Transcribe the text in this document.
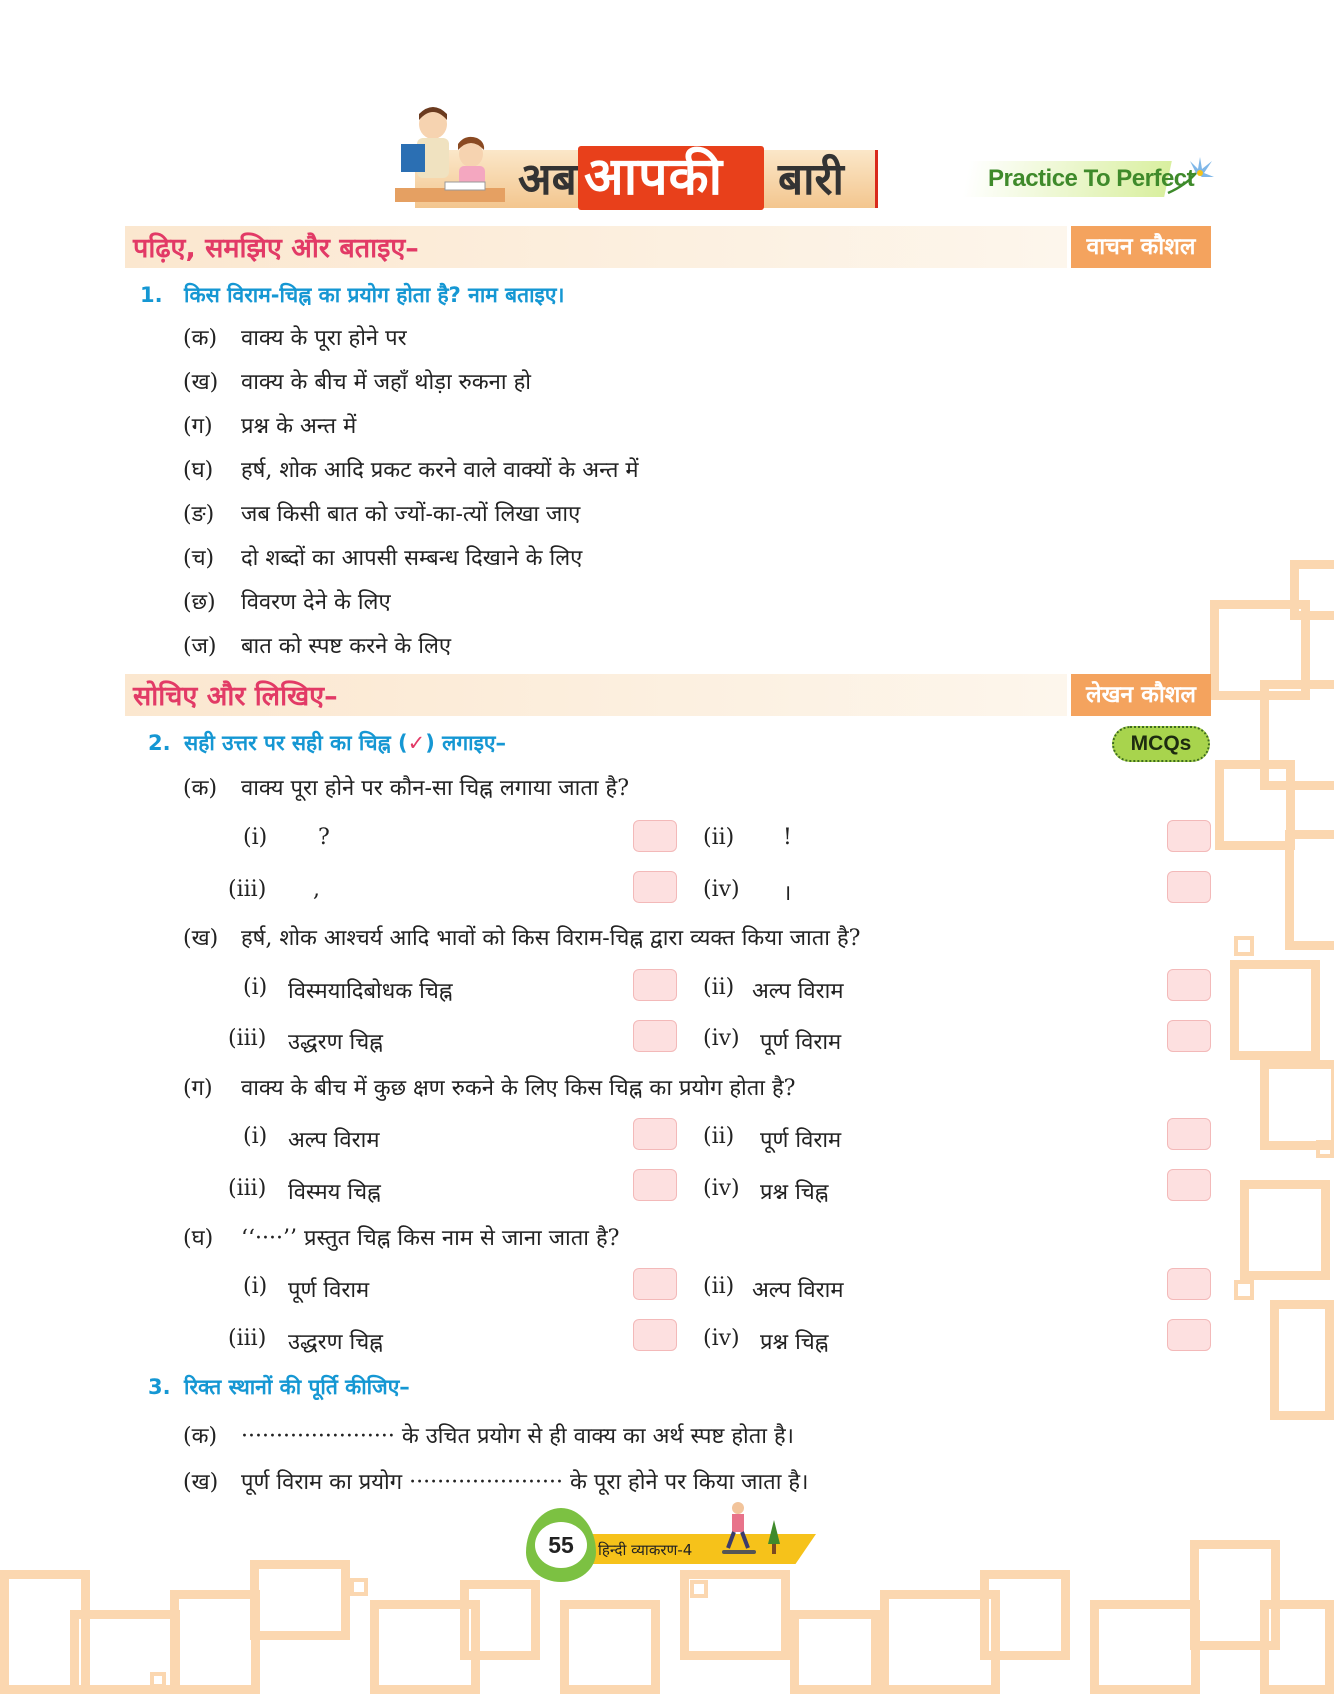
अब आपकी बारी	Practice To Perfect
पढ़िए, समझिए और बताइए–	वाचन कौशल
1. किस विराम-चिह्न का प्रयोग होता है? नाम बताइए।
(क) वाक्य के पूरा होने पर
(ख) वाक्य के बीच में जहाँ थोड़ा रुकना हो
(ग) प्रश्न के अन्त में
(घ) हर्ष, शोक आदि प्रकट करने वाले वाक्यों के अन्त में
(ङ) जब किसी बात को ज्यों-का-त्यों लिखा जाए
(च) दो शब्दों का आपसी सम्बन्ध दिखाने के लिए
(छ) विवरण देने के लिए
(ज) बात को स्पष्ट करने के लिए
सोचिए और लिखिए–	लेखन कौशल
2. सही उत्तर पर सही का चिह्न (✓) लगाइए–	MCQs
(क) वाक्य पूरा होने पर कौन-सा चिह्न लगाया जाता है?
(i) ?	(ii) !
(iii) ,	(iv) ।
(ख) हर्ष, शोक आश्चर्य आदि भावों को किस विराम-चिह्न द्वारा व्यक्त किया जाता है?
(i) विस्मयादिबोधक चिह्न	(ii) अल्प विराम
(iii) उद्धरण चिह्न	(iv) पूर्ण विराम
(ग) वाक्य के बीच में कुछ क्षण रुकने के लिए किस चिह्न का प्रयोग होता है?
(i) अल्प विराम	(ii) पूर्ण विराम
(iii) विस्मय चिह्न	(iv) प्रश्न चिह्न
(घ) ‘‘····’’ प्रस्तुत चिह्न किस नाम से जाना जाता है?
(i) पूर्ण विराम	(ii) अल्प विराम
(iii) उद्धरण चिह्न	(iv) प्रश्न चिह्न
3. रिक्त स्थानों की पूर्ति कीजिए–
(क) ······················ के उचित प्रयोग से ही वाक्य का अर्थ स्पष्ट होता है।
(ख) पूर्ण विराम का प्रयोग ······················ के पूरा होने पर किया जाता है।
55	हिन्दी व्याकरण-4
